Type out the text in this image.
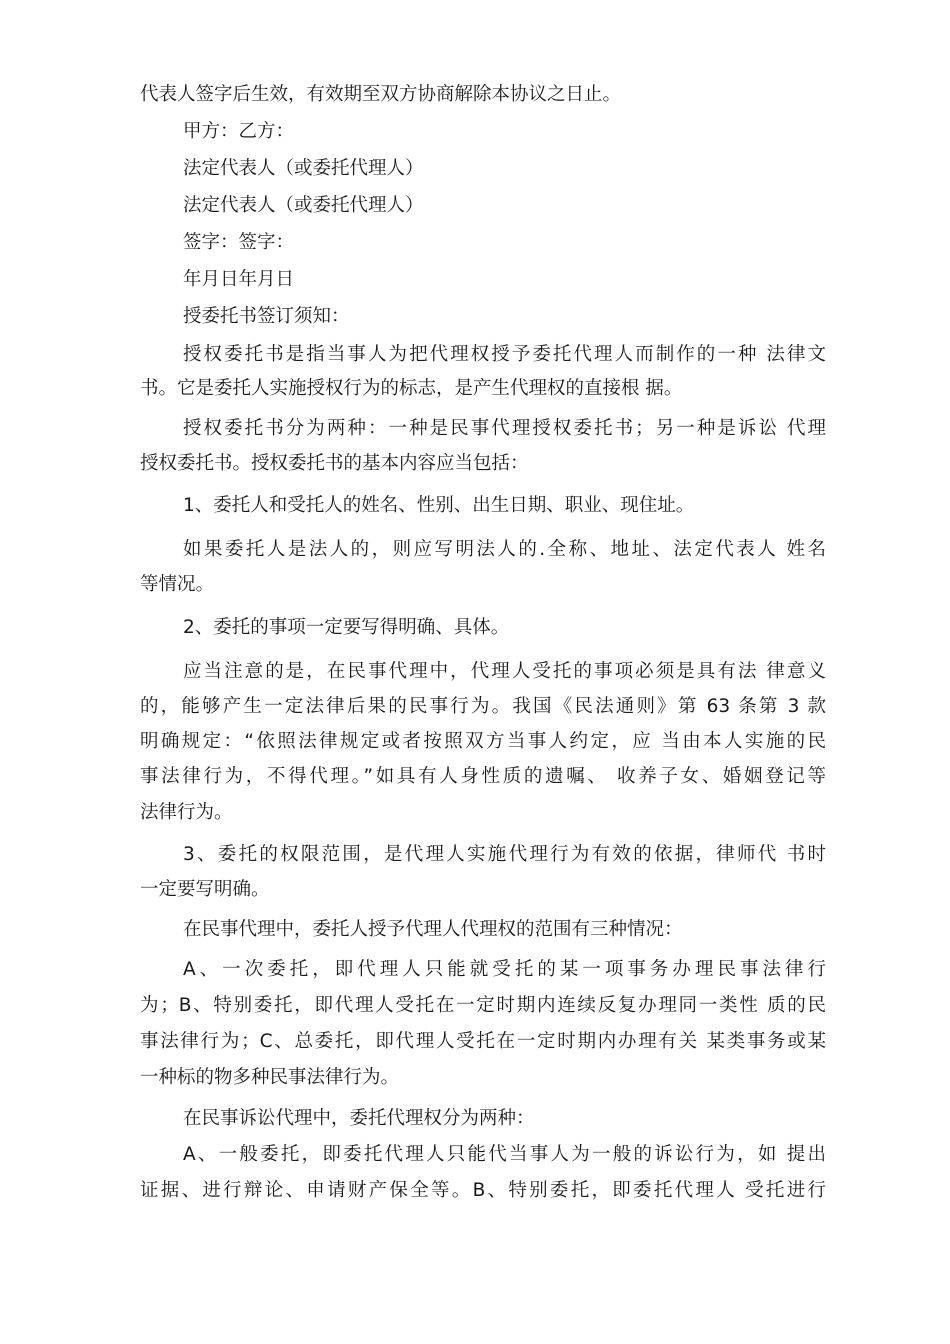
代表人签字后生效，有效期至双方协商解除本协议之日止。
甲方：乙方：
法定代表人（或委托代理人）
法定代表人（或委托代理人）
签字：签字：
年月日年月日
授委托书签订须知：
授权委托书是指当事人为把代理权授予委托代理人而制作的一种 法律文
书。它是委托人实施授权行为的标志，是产生代理权的直接根 据。
授权委托书分为两种：一种是民事代理授权委托书；另一种是诉讼 代理
授权委托书。授权委托书的基本内容应当包括：
1、委托人和受托人的姓名、性别、出生日期、职业、现住址。
如果委托人是法人的，则应写明法人的.全称、地址、法定代表人 姓名
等情况。
2、委托的事项一定要写得明确、具体。
应当注意的是，在民事代理中，代理人受托的事项必须是具有法 律意义
的，能够产生一定法律后果的民事行为。我国《民法通则》第 63 条第 3 款
明确规定：“依照法律规定或者按照双方当事人约定，应 当由本人实施的民
事法律行为，不得代理。”如具有人身性质的遗嘱、 收养子女、婚姻登记等
法律行为。
3、委托的权限范围，是代理人实施代理行为有效的依据，律师代 书时
一定要写明确。
在民事代理中，委托人授予代理人代理权的范围有三种情况：
A、一次委托，即代理人只能就受托的某一项事务办理民事法律行
为；B、特别委托，即代理人受托在一定时期内连续反复办理同一类性 质的民
事法律行为；C、总委托，即代理人受托在一定时期内办理有关 某类事务或某
一种标的物多种民事法律行为。
在民事诉讼代理中，委托代理权分为两种：
A、一般委托，即委托代理人只能代当事人为一般的诉讼行为，如 提出
证据、进行辩论、申请财产保全等。B、特别委托，即委托代理人 受托进行
